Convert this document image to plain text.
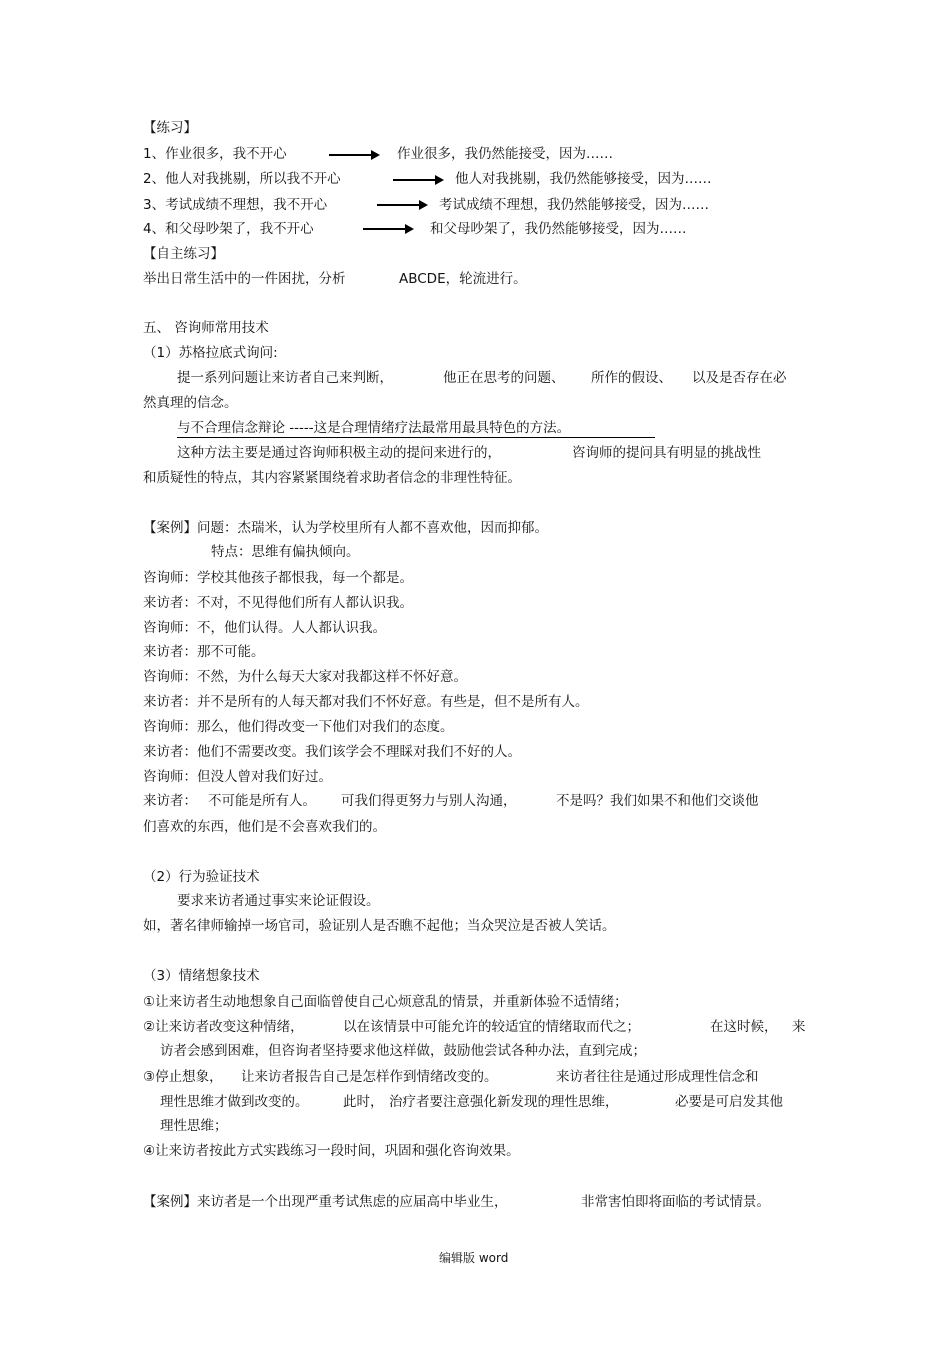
【练习】
1、作业很多，我不开心	作业很多，我仍然能接受，因为……
2、他人对我挑剔，所以我不开心	他人对我挑剔，我仍然能够接受，因为……
3、考试成绩不理想，我不开心	考试成绩不理想，我仍然能够接受，因为……
4、和父母吵架了，我不开心	和父母吵架了，我仍然能够接受，因为……
【自主练习】
举出日常生活中的一件困扰，分析	ABCDE，轮流进行。
五、 咨询师常用技术
（1）苏格拉底式询问:
提一系列问题让来访者自己来判断，	他正在思考的问题、 所作的假设、 以及是否存在必
然真理的信念。
与不合理信念辩论 -----这是合理情绪疗法最常用最具特色的方法。
这种方法主要是通过咨询师积极主动的提问来进行的，	咨询师的提问具有明显的挑战性
和质疑性的特点，其内容紧紧围绕着求助者信念的非理性特征。
【案例】问题：杰瑞米，认为学校里所有人都不喜欢他，因而抑郁。
特点：思维有偏执倾向。
咨询师：学校其他孩子都恨我，每一个都是。
来访者：不对，不见得他们所有人都认识我。
咨询师：不，他们认得。人人都认识我。
来访者：那不可能。
咨询师：不然，为什么每天大家对我都这样不怀好意。
来访者：并不是所有的人每天都对我们不怀好意。有些是，但不是所有人。
咨询师：那么，他们得改变一下他们对我们的态度。
来访者：他们不需要改变。我们该学会不理睬对我们不好的人。
咨询师：但没人曾对我们好过。
来访者： 不可能是所有人。 可我们得更努力与别人沟通，	不是吗？我们如果不和他们交谈他
们喜欢的东西，他们是不会喜欢我们的。
（2）行为验证技术
要求来访者通过事实来论证假设。
如，著名律师输掉一场官司，验证别人是否瞧不起他；当众哭泣是否被人笑话。
（3）情绪想象技术
①让来访者生动地想象自己面临曾使自己心烦意乱的情景，并重新体验不适情绪；
②让来访者改变这种情绪，	以在该情景中可能允许的较适宜的情绪取而代之；	在这时候， 来
访者会感到困难，但咨询者坚持要求他这样做，鼓励他尝试各种办法，直到完成；
③停止想象， 让来访者报告自己是怎样作到情绪改变的。	来访者往往是通过形成理性信念和
理性思维才做到改变的。	此时， 治疗者要注意强化新发现的理性思维，	必要是可启发其他
理性思维；
④让来访者按此方式实践练习一段时间，巩固和强化咨询效果。
【案例】来访者是一个出现严重考试焦虑的应届高中毕业生，	非常害怕即将面临的考试情景。
编辑版 word
